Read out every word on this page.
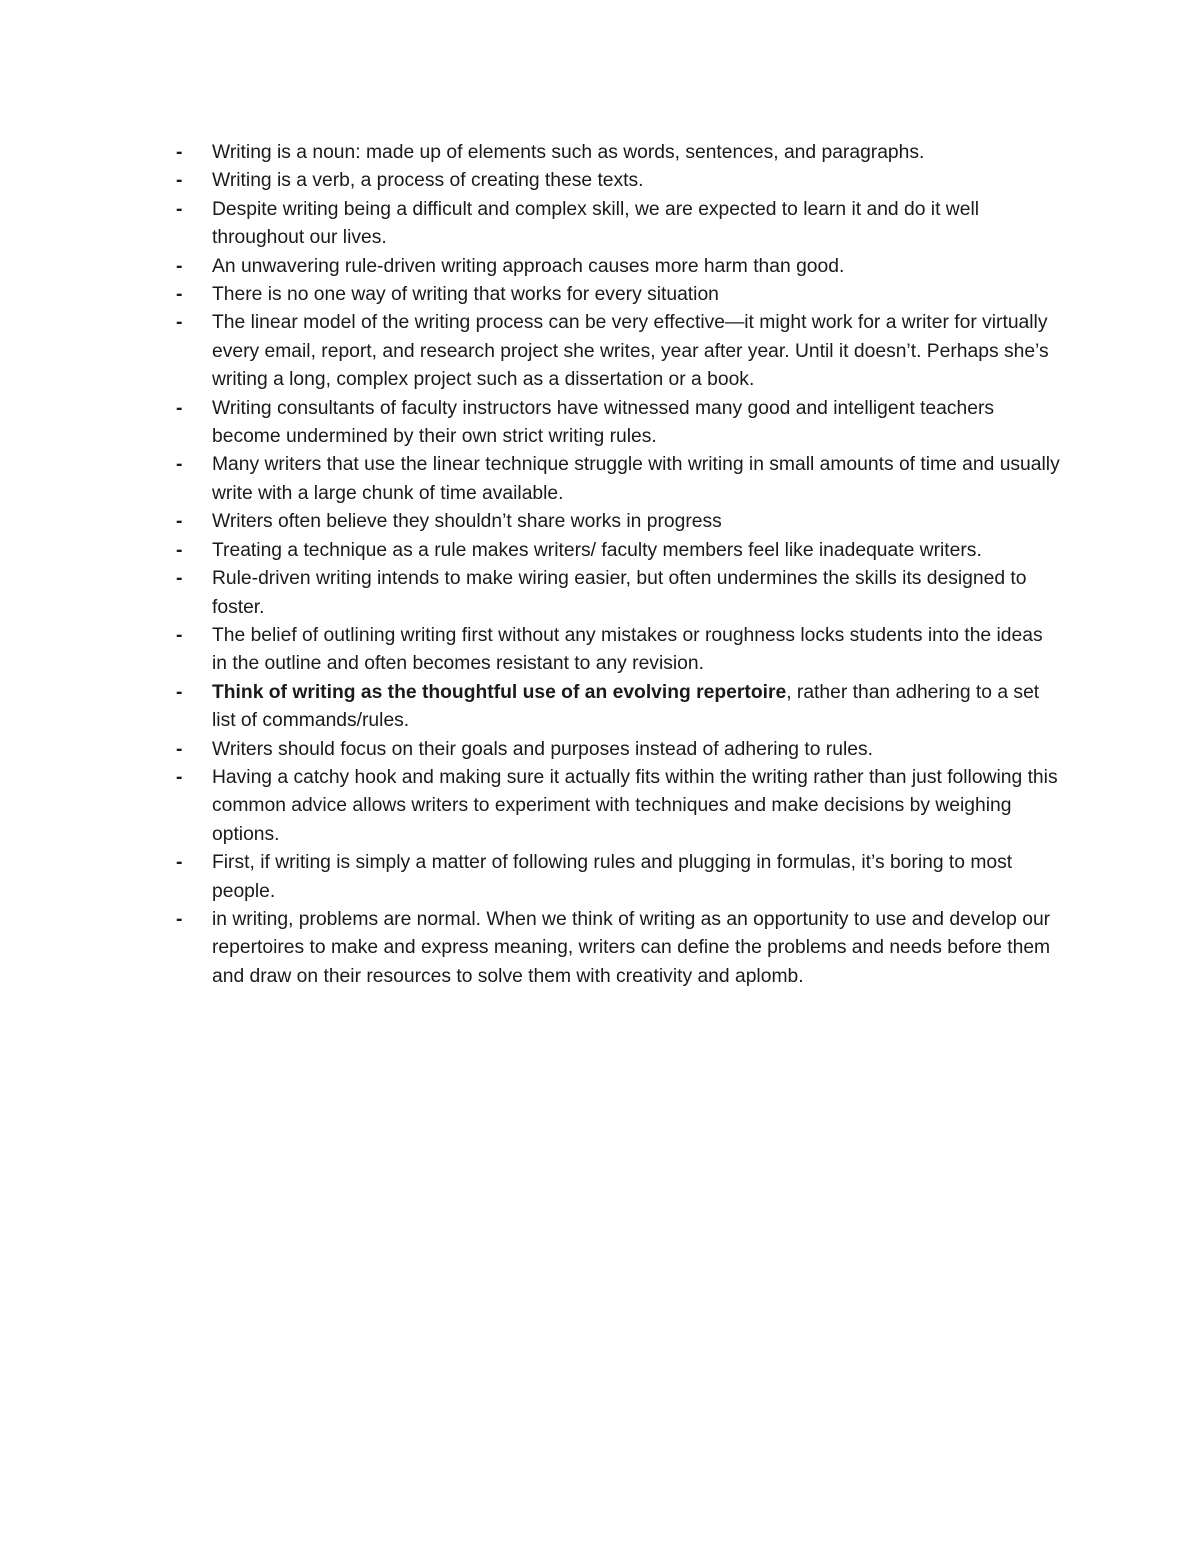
- Writing is a noun: made up of elements such as words, sentences, and paragraphs.
- Writing is a verb, a process of creating these texts.
- Despite writing being a difficult and complex skill, we are expected to learn it and do it well throughout our lives.
- An unwavering rule-driven writing approach causes more harm than good.
- There is no one way of writing that works for every situation
- The linear model of the writing process can be very effective—it might work for a writer for virtually every email, report, and research project she writes, year after year. Until it doesn’t. Perhaps she’s writing a long, complex project such as a dissertation or a book.
- Writing consultants of faculty instructors have witnessed many good and intelligent teachers become undermined by their own strict writing rules.
- Many writers that use the linear technique struggle with writing in small amounts of time and usually write with a large chunk of time available.
- Writers often believe they shouldn’t share works in progress
- Treating a technique as a rule makes writers/ faculty members feel like inadequate writers.
- Rule-driven writing intends to make wiring easier, but often undermines the skills its designed to foster.
- The belief of outlining writing first without any mistakes or roughness locks students into the ideas in the outline and often becomes resistant to any revision.
- Think of writing as the thoughtful use of an evolving repertoire, rather than adhering to a set list of commands/rules.
- Writers should focus on their goals and purposes instead of adhering to rules.
- Having a catchy hook and making sure it actually fits within the writing rather than just following this common advice allows writers to experiment with techniques and make decisions by weighing options.
- First, if writing is simply a matter of following rules and plugging in formulas, it’s boring to most people.
- in writing, problems are normal. When we think of writing as an opportunity to use and develop our repertoires to make and express meaning, writers can define the problems and needs before them and draw on their resources to solve them with creativity and aplomb.
